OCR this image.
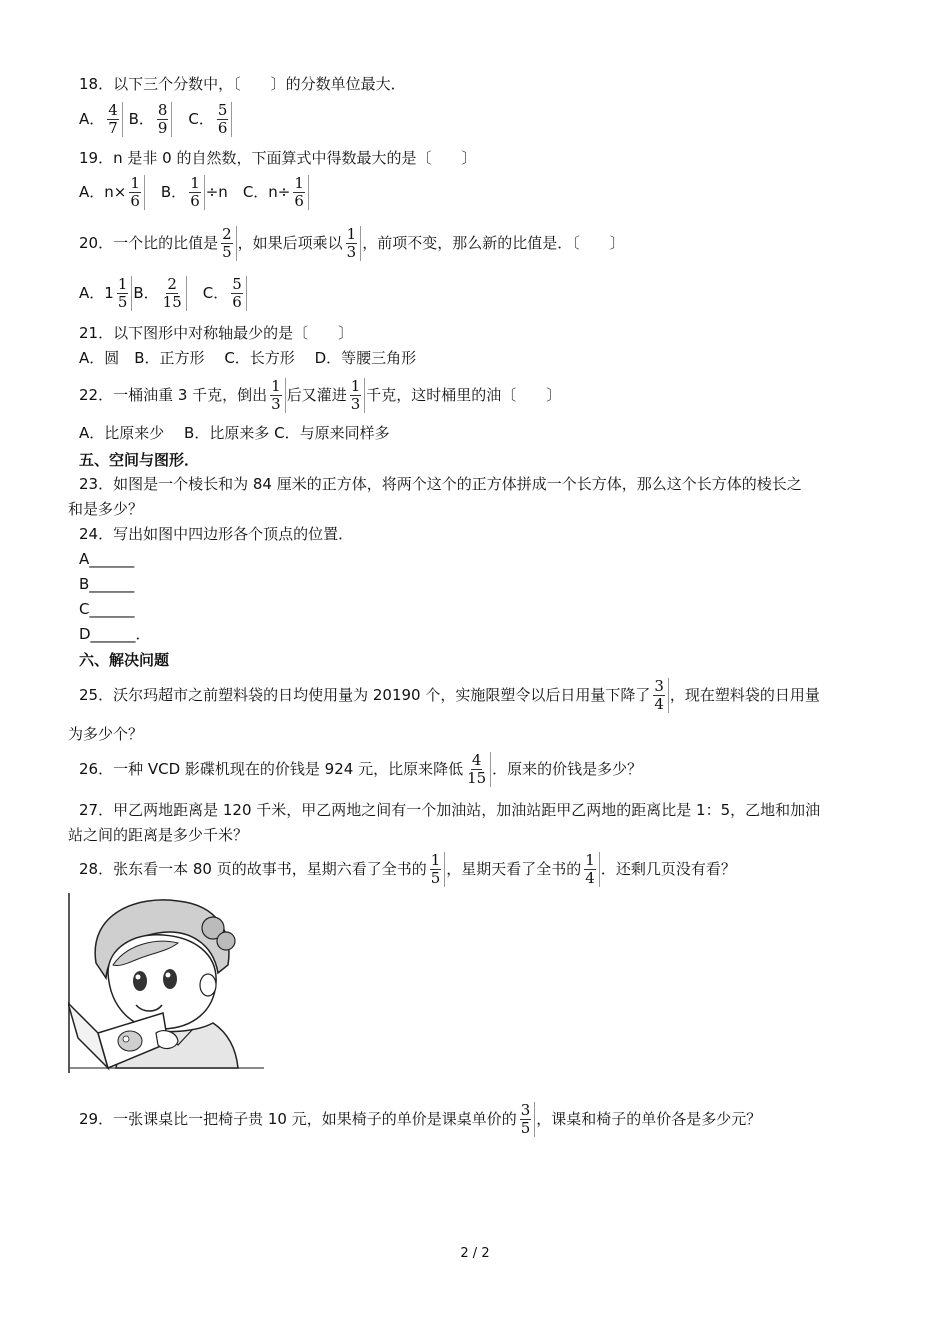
18．以下三个分数中，〔　　〕的分数单位最大．
A． $\frac{4}{7}$ B． $\frac{8}{9}$ 　C． $\frac{5}{6}$
19．n 是非 0 的自然数，下面算式中得数最大的是〔　　〕
A．$n\times \frac{1}{6}$ 　B． $\frac{1}{6} \div n$　C．$n\div \frac{1}{6}$
20．一个比的比值是 $\frac{2}{5}$ ，如果后项乘以 $\frac{1}{3}$ ，前项不变，那么新的比值是．〔　　〕
A．$1 \frac{1}{5}$ B． $\frac{2}{15}$ 　C． $\frac{5}{6}$
21．以下图形中对称轴最少的是〔　　〕
A．圆　B．正方形　 C．长方形　 D．等腰三角形
22．一桶油重 3 千克，倒出 $\frac{1}{3}$ 后又灌进 $\frac{1}{3}$ 千克，这时桶里的油〔　　〕
A．比原来少　 B．比原来多 C．与原来同样多
五、空间与图形．
23．如图是一个棱长和为 84 厘米的正方体，将两个这个的正方体拼成一个长方体，那么这个长方体的棱长之
和是多少？
24．写出如图中四边形各个顶点的位置．
A______
B______
C______
D______．
六、解决问题
25．沃尔玛超市之前塑料袋的日均使用量为 20190 个，实施限塑令以后日用量下降了 $\frac{3}{4}$ ，现在塑料袋的日用量
为多少个？
26．一种 VCD 影碟机现在的价钱是 924 元，比原来降低 $\frac{4}{15}$ ．原来的价钱是多少？
27．甲乙两地距离是 120 千米，甲乙两地之间有一个加油站，加油站距甲乙两地的距离比是 1：5，乙地和加油
站之间的距离是多少千米？
28．张东看一本 80 页的故事书，星期六看了全书的 $\frac{1}{5}$ ，星期天看了全书的 $\frac{1}{4}$ ．还剩几页没有看？
29．一张课桌比一把椅子贵 10 元，如果椅子的单价是课桌单价的 $\frac{3}{5}$ ，课桌和椅子的单价各是多少元？
2 / 2
